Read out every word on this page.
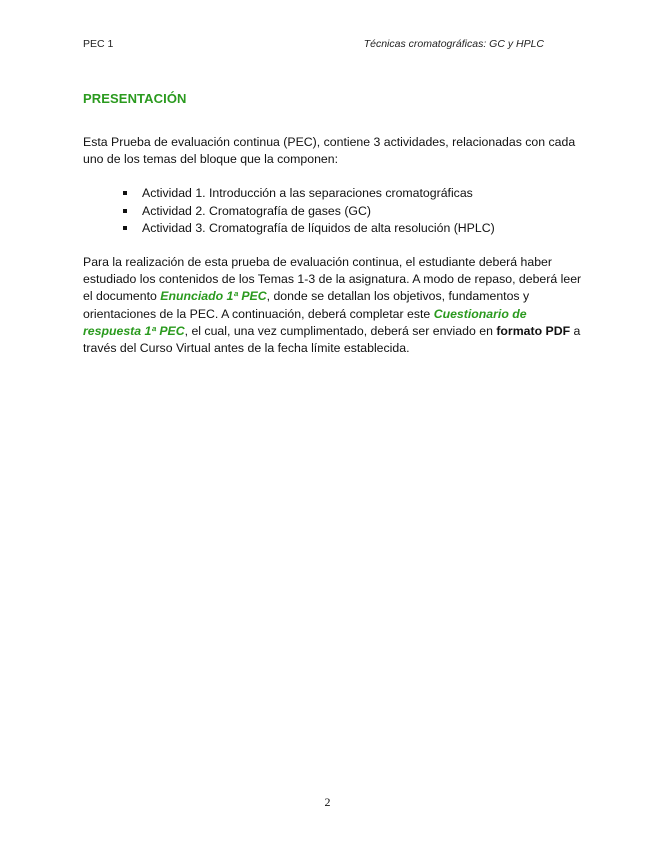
PEC 1	Técnicas cromatográficas: GC y HPLC
PRESENTACIÓN

Esta Prueba de evaluación continua (PEC), contiene 3 actividades, relacionadas con cada uno de los temas del bloque que la componen:

Actividad 1. Introducción a las separaciones cromatográficas
Actividad 2. Cromatografía de gases (GC)
Actividad 3. Cromatografía de líquidos de alta resolución (HPLC)

Para la realización de esta prueba de evaluación continua, el estudiante deberá haber estudiado los contenidos de los Temas 1-3 de la asignatura. A modo de repaso, deberá leer el documento Enunciado 1ª PEC, donde se detallan los objetivos, fundamentos y orientaciones de la PEC. A continuación, deberá completar este Cuestionario de respuesta 1ª PEC, el cual, una vez cumplimentado, deberá ser enviado en formato PDF a través del Curso Virtual antes de la fecha límite establecida.

2
